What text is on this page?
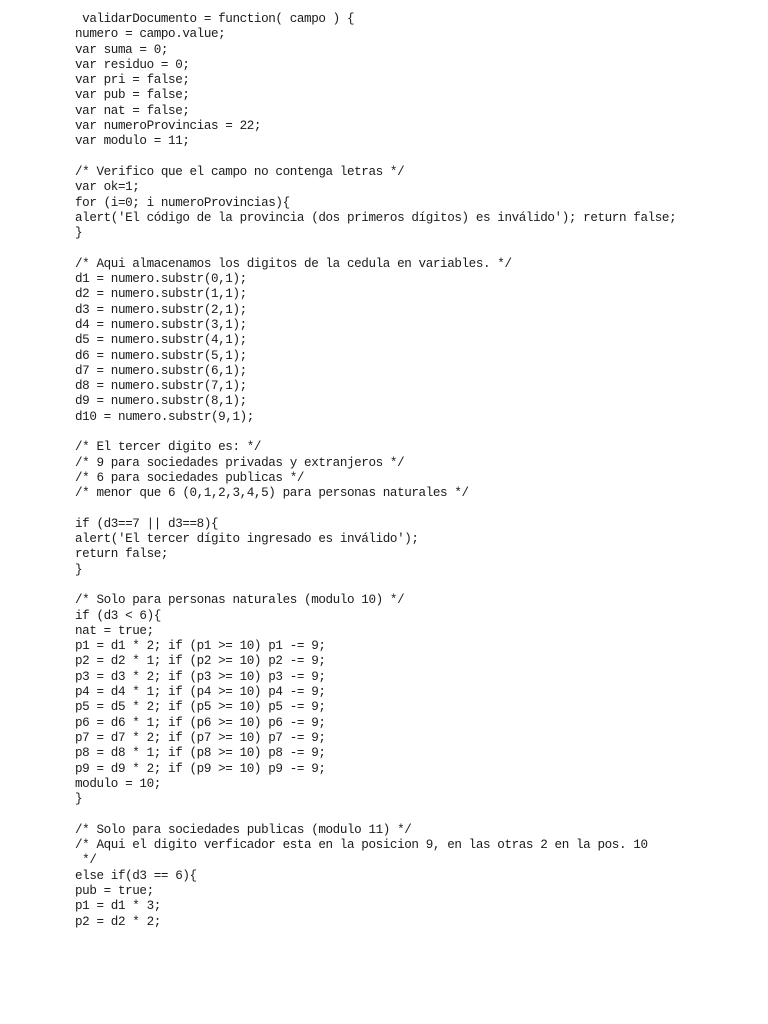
validarDocumento = function( campo ) {
numero = campo.value;
var suma = 0;
var residuo = 0;
var pri = false;
var pub = false;
var nat = false;
var numeroProvincias = 22;
var modulo = 11;
/* Verifico que el campo no contenga letras */
var ok=1;
for (i=0; i numeroProvincias){
alert('El código de la provincia (dos primeros dígitos) es inválido'); return false;
}
/* Aqui almacenamos los digitos de la cedula en variables. */
d1 = numero.substr(0,1);
d2 = numero.substr(1,1);
d3 = numero.substr(2,1);
d4 = numero.substr(3,1);
d5 = numero.substr(4,1);
d6 = numero.substr(5,1);
d7 = numero.substr(6,1);
d8 = numero.substr(7,1);
d9 = numero.substr(8,1);
d10 = numero.substr(9,1);
/* El tercer digito es: */
/* 9 para sociedades privadas y extranjeros */
/* 6 para sociedades publicas */
/* menor que 6 (0,1,2,3,4,5) para personas naturales */
if (d3==7 || d3==8){
alert('El tercer dígito ingresado es inválido');
return false;
}
/* Solo para personas naturales (modulo 10) */
if (d3 < 6){
nat = true;
p1 = d1 * 2; if (p1 >= 10) p1 -= 9;
p2 = d2 * 1; if (p2 >= 10) p2 -= 9;
p3 = d3 * 2; if (p3 >= 10) p3 -= 9;
p4 = d4 * 1; if (p4 >= 10) p4 -= 9;
p5 = d5 * 2; if (p5 >= 10) p5 -= 9;
p6 = d6 * 1; if (p6 >= 10) p6 -= 9;
p7 = d7 * 2; if (p7 >= 10) p7 -= 9;
p8 = d8 * 1; if (p8 >= 10) p8 -= 9;
p9 = d9 * 2; if (p9 >= 10) p9 -= 9;
modulo = 10;
}
/* Solo para sociedades publicas (modulo 11) */
/* Aqui el digito verficador esta en la posicion 9, en las otras 2 en la pos. 10
*/
else if(d3 == 6){
pub = true;
p1 = d1 * 3;
p2 = d2 * 2;
